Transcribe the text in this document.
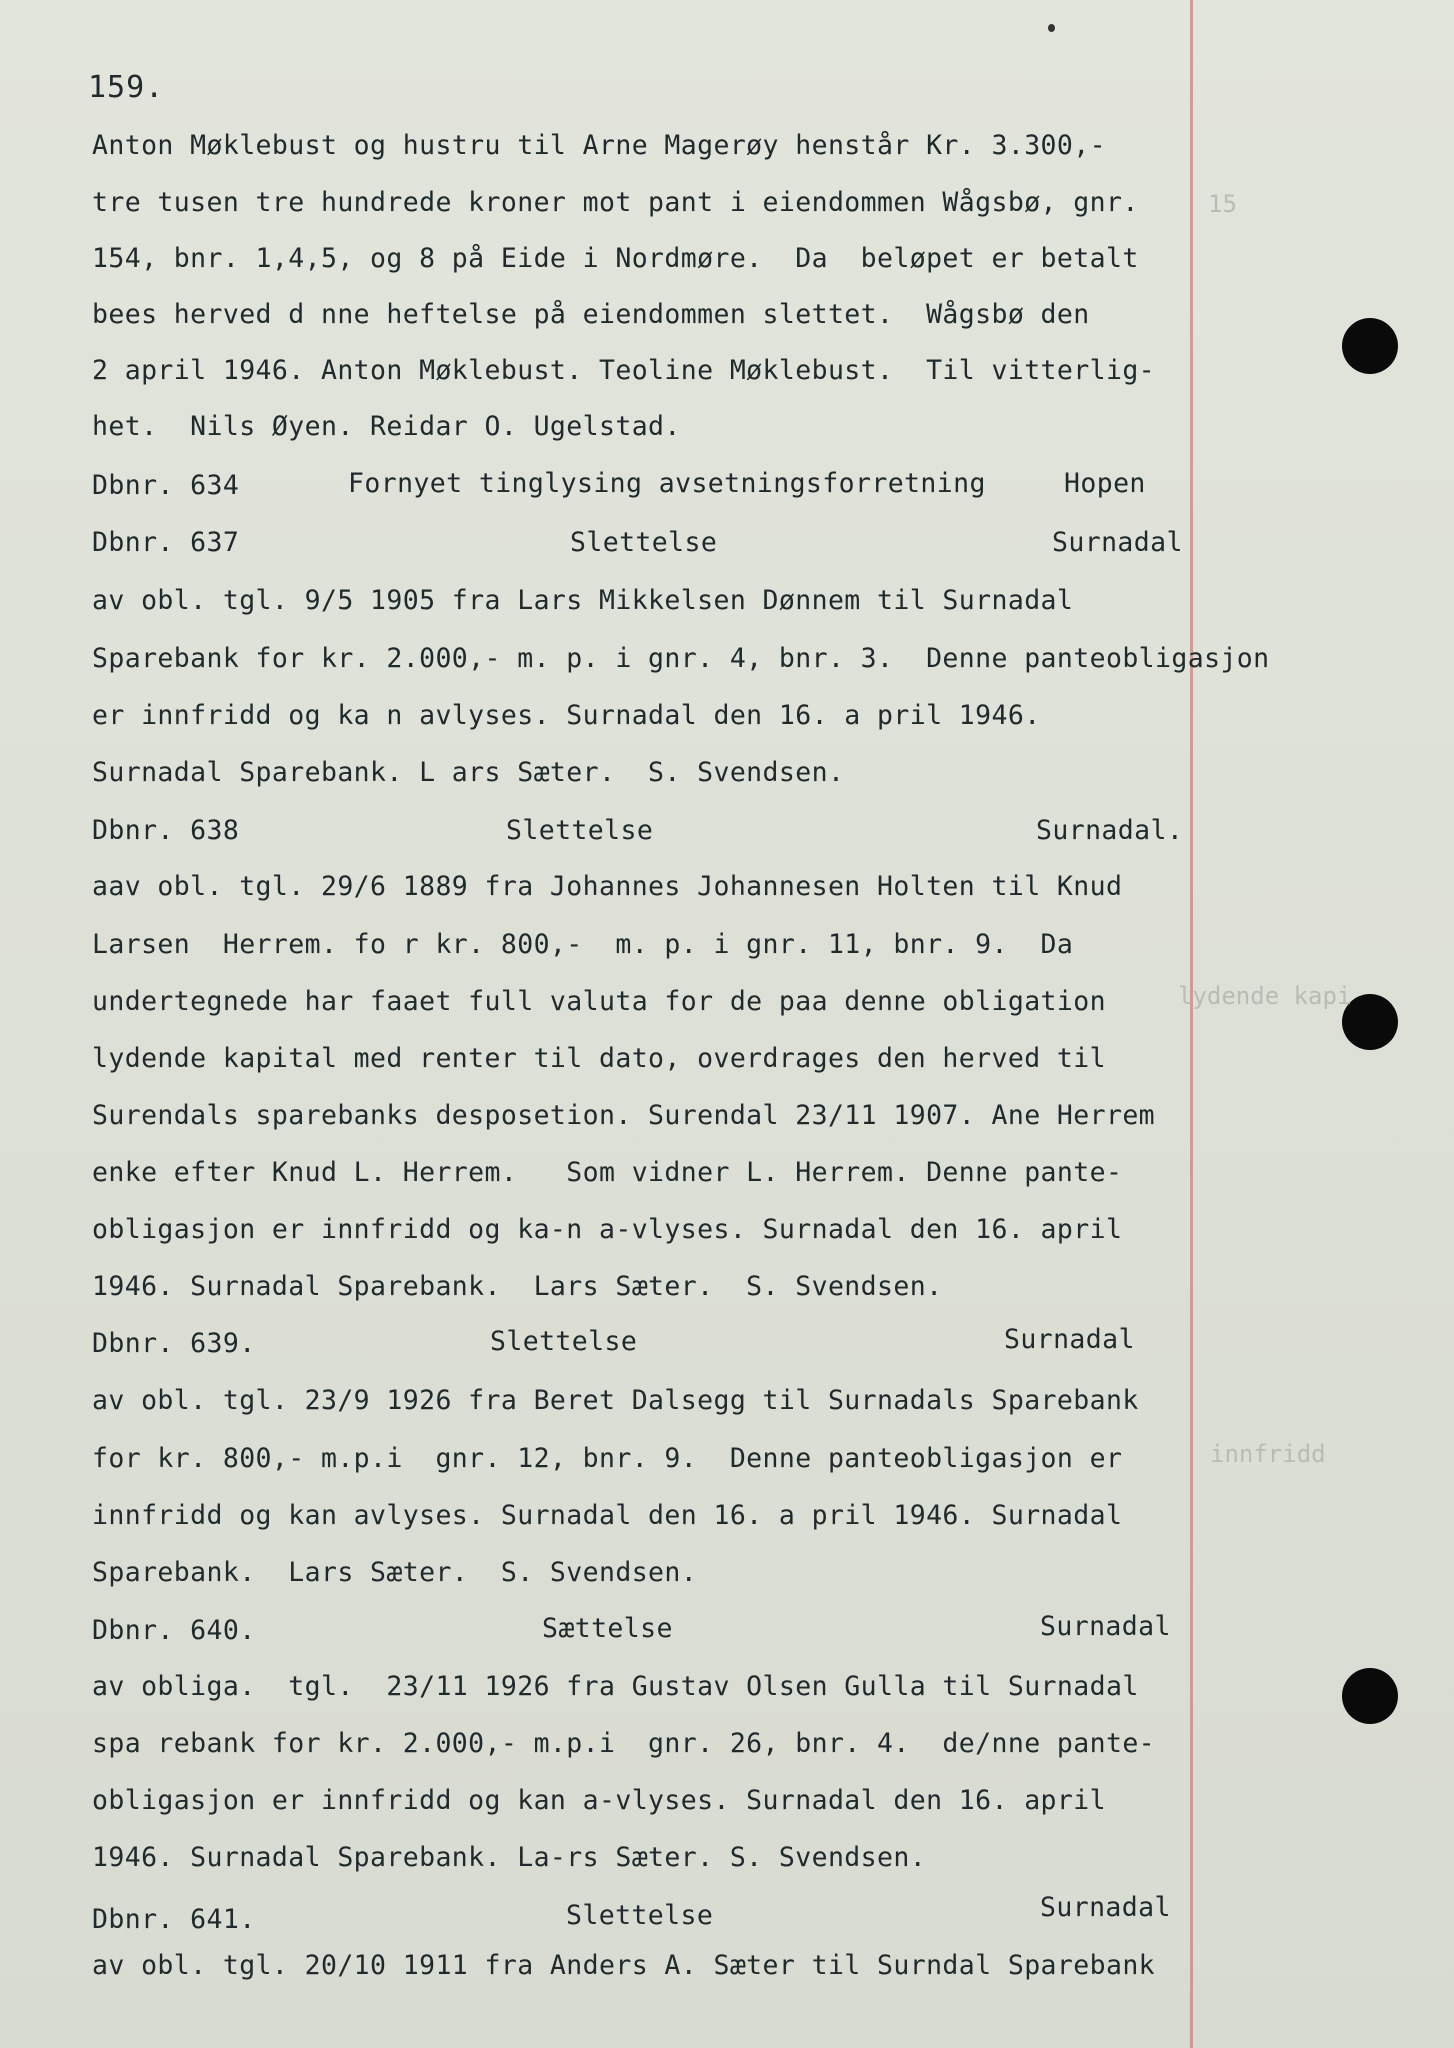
15
lydende kapi
innfridd
159.
Anton Møklebust og hustru til Arne Magerøy henstår Kr. 3.300,-
tre tusen tre hundrede kroner mot pant i eiendommen Wågsbø, gnr.
154, bnr. 1,4,5, og 8 på Eide i Nordmøre.  Da  beløpet er betalt
bees herved d nne heftelse på eiendommen slettet.  Wågsbø den
2 april 1946. Anton Møklebust. Teoline Møklebust.  Til vitterlig-
het.  Nils Øyen. Reidar O. Ugelstad.
Dbnr. 634	Fornyet tinglysing avsetningsforretning	Hopen
Dbnr. 637	Slettelse	Surnadal
av obl. tgl. 9/5 1905 fra Lars Mikkelsen Dønnem til Surnadal
Sparebank for kr. 2.000,- m. p. i gnr. 4, bnr. 3.  Denne panteobligasjon
er innfridd og ka n avlyses. Surnadal den 16. a pril 1946.
Surnadal Sparebank. L ars Sæter.  S. Svendsen.
Dbnr. 638	Slettelse	Surnadal.
aav obl. tgl. 29/6 1889 fra Johannes Johannesen Holten til Knud
Larsen  Herrem. fo r kr. 800,-  m. p. i gnr. 11, bnr. 9.  Da
undertegnede har faaet full valuta for de paa denne obligation
lydende kapital med renter til dato, overdrages den herved til
Surendals sparebanks desposetion. Surendal 23/11 1907. Ane Herrem
enke efter Knud L. Herrem.   Som vidner L. Herrem. Denne pante-
obligasjon er innfridd og ka-n a-vlyses. Surnadal den 16. april
1946. Surnadal Sparebank.  Lars Sæter.  S. Svendsen.
Dbnr. 639.	Slettelse	Surnadal
av obl. tgl. 23/9 1926 fra Beret Dalsegg til Surnadals Sparebank
for kr. 800,- m.p.i  gnr. 12, bnr. 9.  Denne panteobligasjon er
innfridd og kan avlyses. Surnadal den 16. a pril 1946. Surnadal
Sparebank.  Lars Sæter.  S. Svendsen.
Dbnr. 640.	Sættelse	Surnadal
av obliga.  tgl.  23/11 1926 fra Gustav Olsen Gulla til Surnadal
spa rebank for kr. 2.000,- m.p.i  gnr. 26, bnr. 4.  de/nne pante-
obligasjon er innfridd og kan a-vlyses. Surnadal den 16. april
1946. Surnadal Sparebank. La-rs Sæter. S. Svendsen.
Dbnr. 641.	Slettelse	Surnadal
av obl. tgl. 20/10 1911 fra Anders A. Sæter til Surndal Sparebank
